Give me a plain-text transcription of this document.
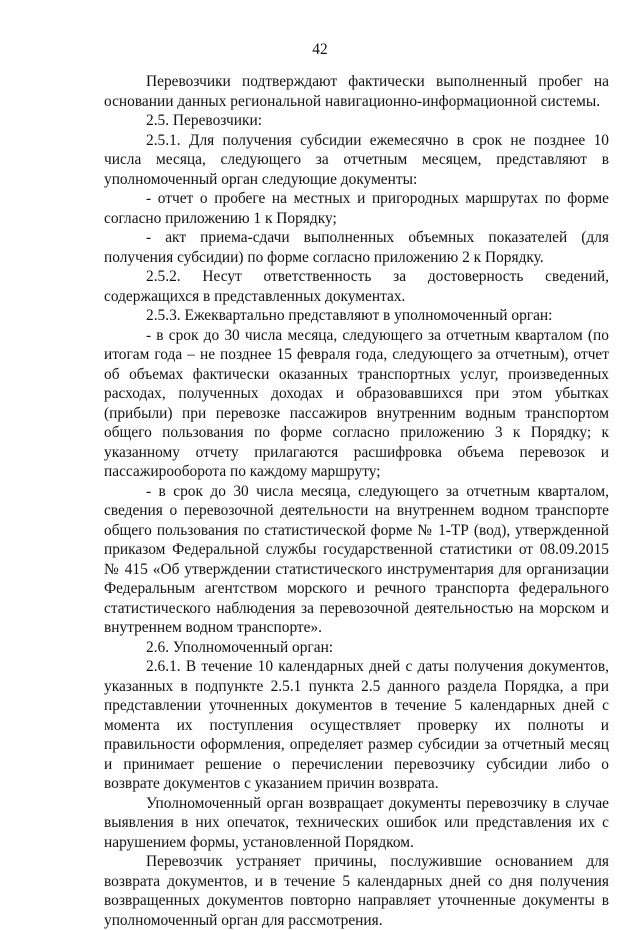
42

Перевозчики подтверждают фактически выполненный пробег на основании данных региональной навигационно-информационной системы.

2.5. Перевозчики:

2.5.1. Для получения субсидии ежемесячно в срок не позднее 10 числа месяца, следующего за отчетным месяцем, представляют в уполномоченный орган следующие документы:

- отчет о пробеге на местных и пригородных маршрутах по форме согласно приложению 1 к Порядку;

- акт приема-сдачи выполненных объемных показателей (для получения субсидии) по форме согласно приложению 2 к Порядку.

2.5.2. Несут ответственность за достоверность сведений, содержащихся в представленных документах.

2.5.3. Ежеквартально представляют в уполномоченный орган:

- в срок до 30 числа месяца, следующего за отчетным кварталом (по итогам года – не позднее 15 февраля года, следующего за отчетным), отчет об объемах фактически оказанных транспортных услуг, произведенных расходах, полученных доходах и образовавшихся при этом убытках (прибыли) при перевозке пассажиров внутренним водным транспортом общего пользования по форме согласно приложению 3 к Порядку; к указанному отчету прилагаются расшифровка объема перевозок и пассажирооборота по каждому маршруту;

- в срок до 30 числа месяца, следующего за отчетным кварталом, сведения о перевозочной деятельности на внутреннем водном транспорте общего пользования по статистической форме № 1-ТР (вод), утвержденной приказом Федеральной службы государственной статистики от 08.09.2015 № 415 «Об утверждении статистического инструментария для организации Федеральным агентством морского и речного транспорта федерального статистического наблюдения за перевозочной деятельностью на морском и внутреннем водном транспорте».

2.6. Уполномоченный орган:

2.6.1. В течение 10 календарных дней с даты получения документов, указанных в подпункте 2.5.1 пункта 2.5 данного раздела Порядка, а при представлении уточненных документов в течение 5 календарных дней с момента их поступления осуществляет проверку их полноты и правильности оформления, определяет размер субсидии за отчетный месяц и принимает решение о перечислении перевозчику субсидии либо о возврате документов с указанием причин возврата.

Уполномоченный орган возвращает документы перевозчику в случае выявления в них опечаток, технических ошибок или представления их с нарушением формы, установленной Порядком.

Перевозчик устраняет причины, послужившие основанием для возврата документов, и в течение 5 календарных дней со дня получения возвращенных документов повторно направляет уточненные документы в уполномоченный орган для рассмотрения.
